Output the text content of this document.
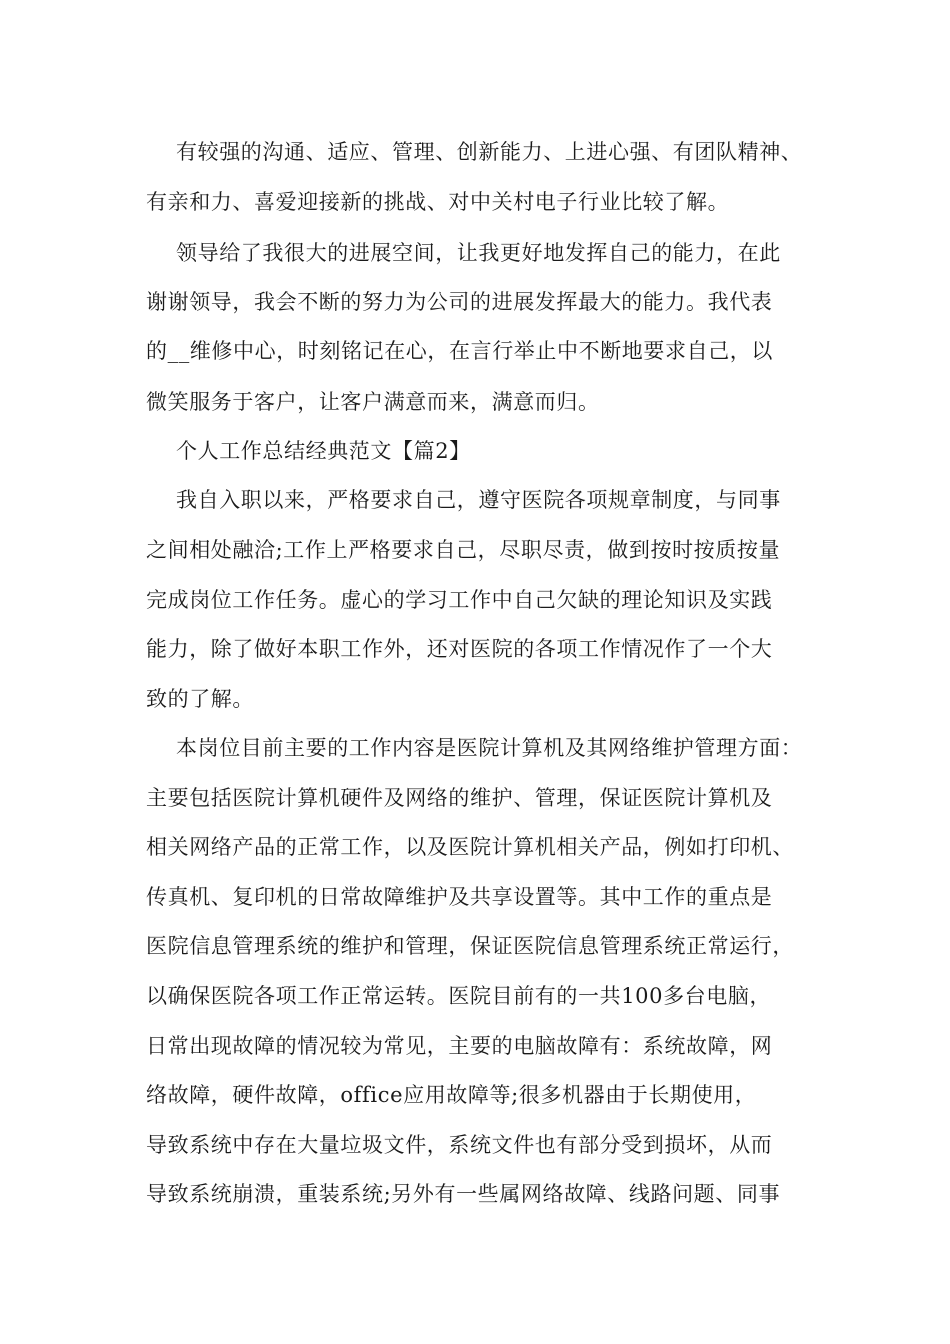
有较强的沟通、适应、管理、创新能力、上进心强、有团队精神、
有亲和力、喜爱迎接新的挑战、对中关村电子行业比较了解。
领导给了我很大的进展空间，让我更好地发挥自己的能力，在此
谢谢领导，我会不断的努力为公司的进展发挥最大的能力。我代表
的__维修中心，时刻铭记在心，在言行举止中不断地要求自己，以
微笑服务于客户，让客户满意而来，满意而归。
个人工作总结经典范文【篇2】
我自入职以来，严格要求自己，遵守医院各项规章制度，与同事
之间相处融洽;工作上严格要求自己，尽职尽责，做到按时按质按量
完成岗位工作任务。虚心的学习工作中自己欠缺的理论知识及实践
能力，除了做好本职工作外，还对医院的各项工作情况作了一个大
致的了解。
本岗位目前主要的工作内容是医院计算机及其网络维护管理方面：
主要包括医院计算机硬件及网络的维护、管理，保证医院计算机及
相关网络产品的正常工作，以及医院计算机相关产品，例如打印机、
传真机、复印机的日常故障维护及共享设置等。其中工作的重点是
医院信息管理系统的维护和管理，保证医院信息管理系统正常运行，
以确保医院各项工作正常运转。医院目前有的一共100多台电脑，
日常出现故障的情况较为常见，主要的电脑故障有：系统故障，网
络故障，硬件故障，office应用故障等;很多机器由于长期使用，
导致系统中存在大量垃圾文件，系统文件也有部分受到损坏，从而
导致系统崩溃，重装系统;另外有一些属网络故障、线路问题、同事
